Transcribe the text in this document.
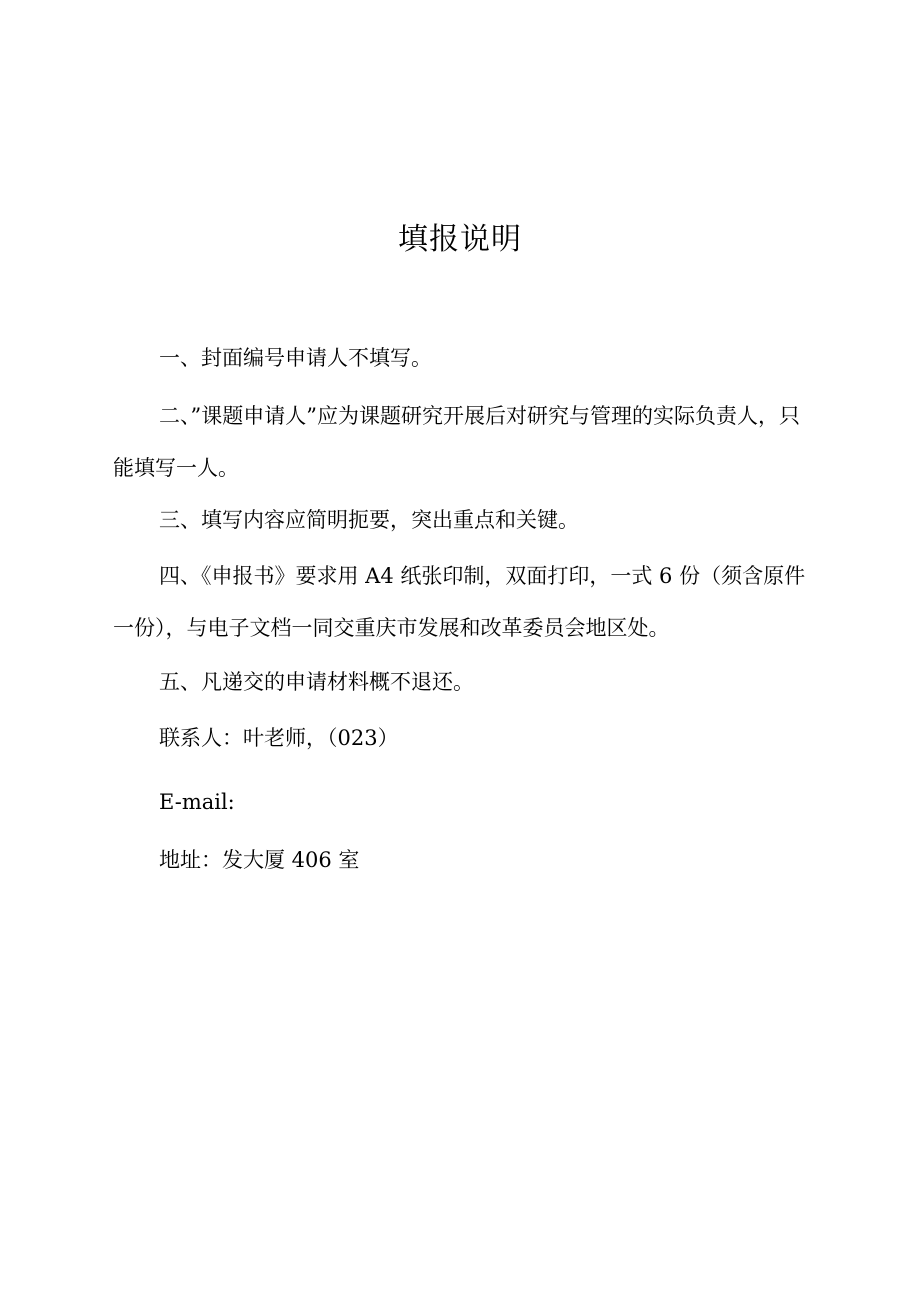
填报说明
一、封面编号申请人不填写。
二、”课题申请人”应为课题研究开展后对研究与管理的实际负责人，只能填写一人。
三、填写内容应简明扼要，突出重点和关键。
四、《申报书》要求用 A4 纸张印制，双面打印，一式 6 份（须含原件一份），与电子文档一同交重庆市发展和改革委员会地区处。
五、凡递交的申请材料概不退还。
联系人：叶老师，（023）
E-mail:
地址：发大厦 406 室
